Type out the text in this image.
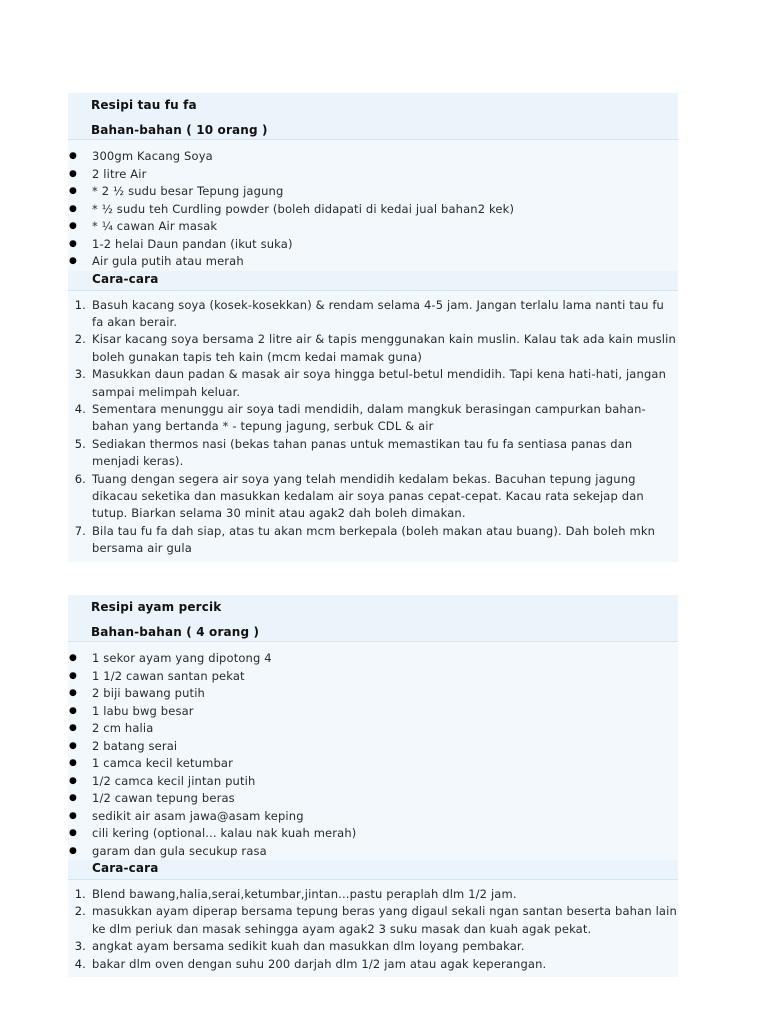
Resipi tau fu fa
Bahan-bahan ( 10 orang )
● 300gm Kacang Soya
● 2 litre Air
● * 2 ½ sudu besar Tepung jagung
● * ½ sudu teh Curdling powder (boleh didapati di kedai jual bahan2 kek)
● * ¼ cawan Air masak
● 1-2 helai Daun pandan (ikut suka)
● Air gula putih atau merah
Cara-cara
1. Basuh kacang soya (kosek-kosekkan) & rendam selama 4-5 jam. Jangan terlalu lama nanti tau fu fa akan berair.
2. Kisar kacang soya bersama 2 litre air & tapis menggunakan kain muslin. Kalau tak ada kain muslin boleh gunakan tapis teh kain (mcm kedai mamak guna)
3. Masukkan daun padan & masak air soya hingga betul-betul mendidih. Tapi kena hati-hati, jangan sampai melimpah keluar.
4. Sementara menunggu air soya tadi mendidih, dalam mangkuk berasingan campurkan bahan-bahan yang bertanda * - tepung jagung, serbuk CDL & air
5. Sediakan thermos nasi (bekas tahan panas untuk memastikan tau fu fa sentiasa panas dan menjadi keras).
6. Tuang dengan segera air soya yang telah mendidih kedalam bekas. Bacuhan tepung jagung dikacau seketika dan masukkan kedalam air soya panas cepat-cepat. Kacau rata sekejap dan tutup. Biarkan selama 30 minit atau agak2 dah boleh dimakan.
7. Bila tau fu fa dah siap, atas tu akan mcm berkepala (boleh makan atau buang). Dah boleh mkn bersama air gula
Resipi ayam percik
Bahan-bahan ( 4 orang )
● 1 sekor ayam yang dipotong 4
● 1 1/2 cawan santan pekat
● 2 biji bawang putih
● 1 labu bwg besar
● 2 cm halia
● 2 batang serai
● 1 camca kecil ketumbar
● 1/2 camca kecil jintan putih
● 1/2 cawan tepung beras
● sedikit air asam jawa@asam keping
● cili kering (optional... kalau nak kuah merah)
● garam dan gula secukup rasa
Cara-cara
1. Blend bawang,halia,serai,ketumbar,jintan...pastu peraplah dlm 1/2 jam.
2. masukkan ayam diperap bersama tepung beras yang digaul sekali ngan santan beserta bahan lain ke dlm periuk dan masak sehingga ayam agak2 3 suku masak dan kuah agak pekat.
3. angkat ayam bersama sedikit kuah dan masukkan dlm loyang pembakar.
4. bakar dlm oven dengan suhu 200 darjah dlm 1/2 jam atau agak keperangan.
